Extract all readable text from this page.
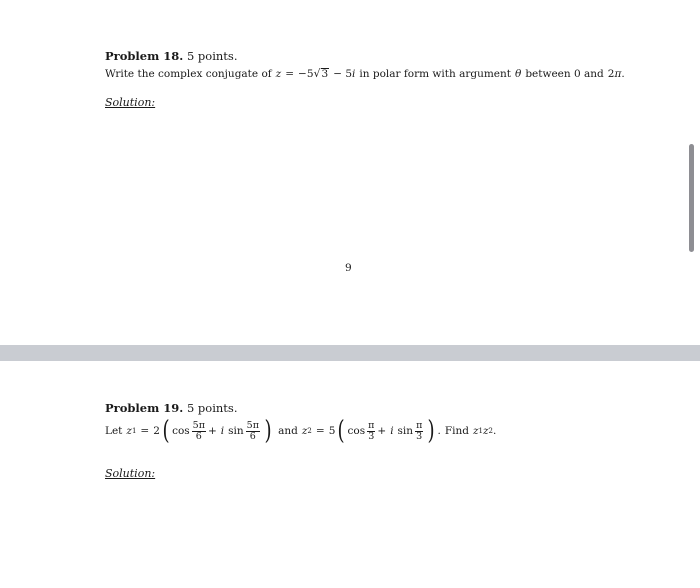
Problem 18. 5 points.
Write the complex conjugate of z = −5 √ 3 − 5 i in polar form with argument θ between 0 and 2 π .
Solution:
9
Problem 19. 5 points.
Let z 1 = 2 ( $\cos \frac{5\pi}{6} + i$ $\sin \frac{5\pi}{6}$ ) and z 2 = 5 ( $\cos \frac{\pi}{3} + i$ $\sin \frac{\pi}{3}$ ) . Find z 1 z 2 .
Solution:
